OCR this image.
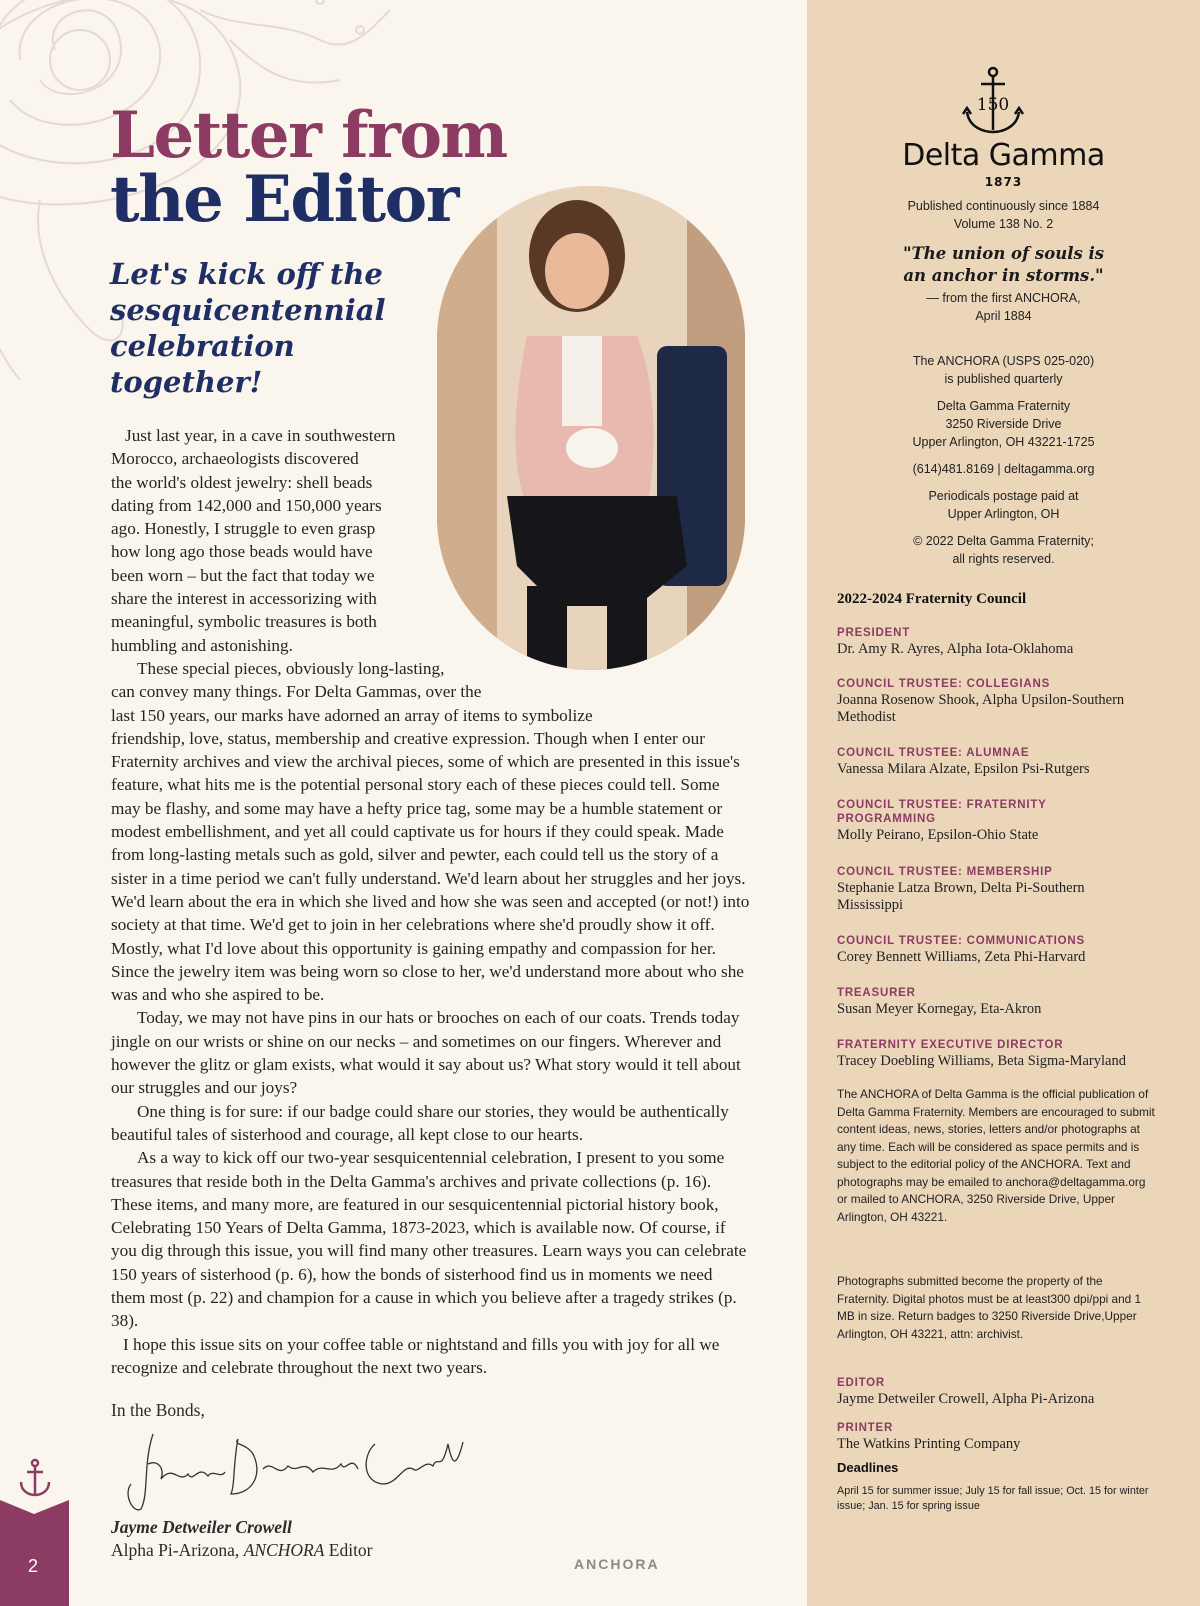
Letter from
the Editor
Let's kick off the sesquicentennial celebration together!
Just last year, in a cave in southwestern
Morocco, archaeologists discovered
the world's oldest jewelry: shell beads
dating from 142,000 and 150,000 years
ago. Honestly, I struggle to even grasp
how long ago those beads would have
been worn – but the fact that today we
share the interest in accessorizing with
meaningful, symbolic treasures is both
humbling and astonishing.
These special pieces, obviously long-lasting,
can convey many things. For Delta Gammas, over the
last 150 years, our marks have adorned an array of items to symbolize

friendship, love, status, membership and creative expression. Though when I enter our Fraternity archives and view the archival pieces, some of which are presented in this issue's feature, what hits me is the potential personal story each of these pieces could tell. Some may be flashy, and some may have a hefty price tag, some may be a humble statement or modest embellishment, and yet all could captivate us for hours if they could speak. Made from long-lasting metals such as gold, silver and pewter, each could tell us the story of a sister in a time period we can't fully understand. We'd learn about her struggles and her joys. We'd learn about the era in which she lived and how she was seen and accepted (or not!) into society at that time. We'd get to join in her celebrations where she'd proudly show it off. Mostly, what I'd love about this opportunity is gaining empathy and compassion for her. Since the jewelry item was being worn so close to her, we'd understand more about who she was and who she aspired to be.

Today, we may not have pins in our hats or brooches on each of our coats. Trends today jingle on our wrists or shine on our necks – and sometimes on our fingers. Wherever and however the glitz or glam exists, what would it say about us? What story would it tell about our struggles and our joys?

One thing is for sure: if our badge could share our stories, they would be authentically beautiful tales of sisterhood and courage, all kept close to our hearts.

As a way to kick off our two-year sesquicentennial celebration, I present to you some treasures that reside both in the Delta Gamma's archives and private collections (p. 16). These items, and many more, are featured in our sesquicentennial pictorial history book, Celebrating 150 Years of Delta Gamma, 1873-2023, which is available now. Of course, if you dig through this issue, you will find many other treasures. Learn ways you can celebrate 150 years of sisterhood (p. 6), how the bonds of sisterhood find us in moments we need them most (p. 22) and champion for a cause in which you believe after a tragedy strikes (p. 38).

I hope this issue sits on your coffee table or nightstand and fills you with joy for all we recognize and celebrate throughout the next two years.

In the Bonds,
Jayme Detweiler Crowell
Alpha Pi-Arizona, ANCHORA Editor
2	ANCHORA
150
Delta Gamma
1873
Published continuously since 1884
Volume 138 No. 2
"The union of souls is an anchor in storms."
— from the first ANCHORA,
April 1884
The ANCHORA (USPS 025-020)
is published quarterly
Delta Gamma Fraternity
3250 Riverside Drive
Upper Arlington, OH 43221-1725
(614)481.8169 | deltagamma.org
Periodicals postage paid at
Upper Arlington, OH
© 2022 Delta Gamma Fraternity;
all rights reserved.
2022-2024 Fraternity Council
PRESIDENT
Dr. Amy R. Ayres, Alpha Iota-Oklahoma
COUNCIL TRUSTEE: COLLEGIANS
Joanna Rosenow Shook, Alpha Upsilon-Southern Methodist
COUNCIL TRUSTEE: ALUMNAE
Vanessa Milara Alzate, Epsilon Psi-Rutgers
COUNCIL TRUSTEE: FRATERNITY PROGRAMMING
Molly Peirano, Epsilon-Ohio State
COUNCIL TRUSTEE: MEMBERSHIP
Stephanie Latza Brown, Delta Pi-Southern Mississippi
COUNCIL TRUSTEE: COMMUNICATIONS
Corey Bennett Williams, Zeta Phi-Harvard
TREASURER
Susan Meyer Kornegay, Eta-Akron
FRATERNITY EXECUTIVE DIRECTOR
Tracey Doebling Williams, Beta Sigma-Maryland
The ANCHORA of Delta Gamma is the official publication of Delta Gamma Fraternity. Members are encouraged to submit content ideas, news, stories, letters and/or photographs at any time. Each will be considered as space permits and is subject to the editorial policy of the ANCHORA. Text and photographs may be emailed to anchora@deltagamma.org or mailed to ANCHORA, 3250 Riverside Drive, Upper Arlington, OH 43221.
Photographs submitted become the property of the Fraternity. Digital photos must be at least300 dpi/ppi and 1 MB in size. Return badges to 3250 Riverside Drive,Upper Arlington, OH 43221, attn: archivist.
EDITOR
Jayme Detweiler Crowell, Alpha Pi-Arizona
PRINTER
The Watkins Printing Company
Deadlines
April 15 for summer issue; July 15 for fall issue; Oct. 15 for winter issue; Jan. 15 for spring issue
